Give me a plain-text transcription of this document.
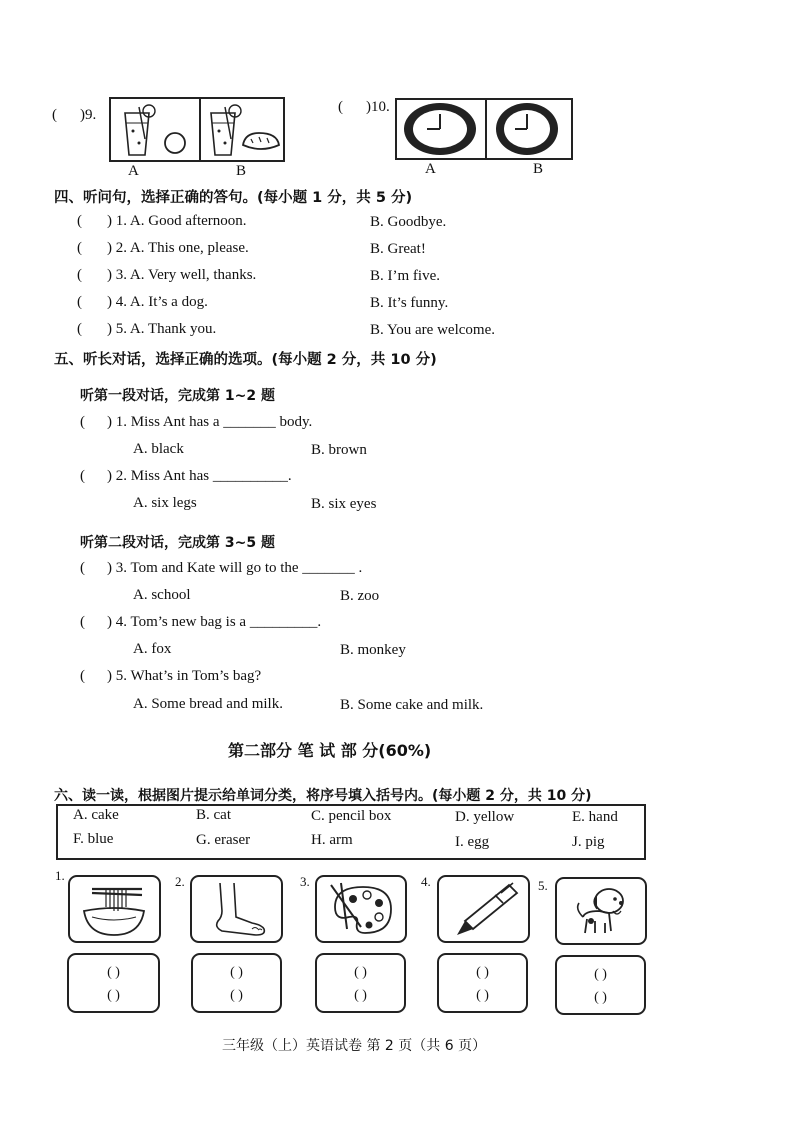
( )9.
A	B
( )10.
A	B
四、听问句，选择正确的答句。(每小题 1 分，共 5 分)
( ) 1. A. Good afternoon.	B. Goodbye.
( ) 2. A. This one, please.	B. Great!
( ) 3. A. Very well, thanks.	B. I’m five.
( ) 4. A. It’s a dog.	B. It’s funny.
( ) 5. A. Thank you.	B. You are welcome.
五、听长对话，选择正确的选项。(每小题 2 分，共 10 分)
听第一段对话，完成第 1~2 题
( ) 1. Miss Ant has a _______ body.
A. black	B. brown
( ) 2. Miss Ant has __________.
A. six legs	B. six eyes
听第二段对话，完成第 3~5 题
( ) 3. Tom and Kate will go to the _______ .
A. school	B. zoo
( ) 4. Tom’s new bag is a _________.
A. fox	B. monkey
( ) 5. What’s in Tom’s bag?
A. Some bread and milk.	B. Some cake and milk.
第二部分 笔 试 部 分(60%)
六、读一读，根据图片提示给单词分类，将序号填入括号内。(每小题 2 分，共 10 分)
A. cake	B. cat	C. pencil box	D. yellow	E. hand
F. blue	G. eraser	H. arm	I. egg	J. pig
1.
( )
( )
2.
( )
( )
3.
( )
( )
4.
( )
( )
5.
( )
( )
三年级（上）英语试卷 第 2 页（共 6 页）
